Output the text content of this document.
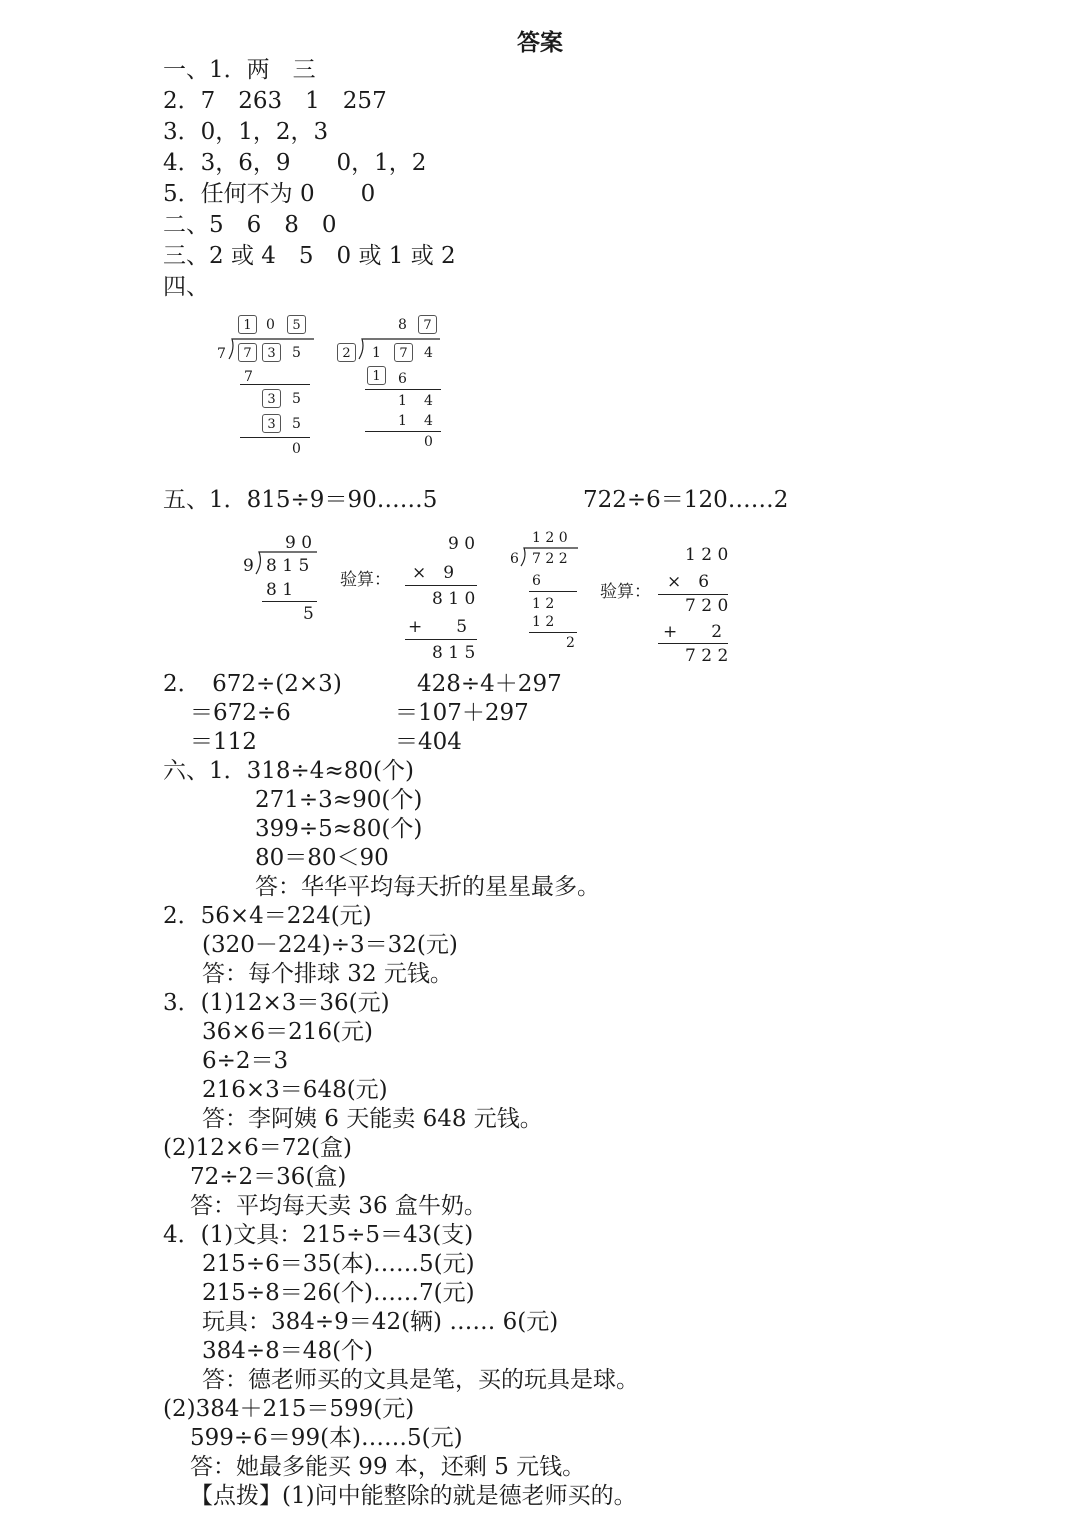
答案
一、1．两　三
2．7　263　1　257
3．0，1，2，3
4．3，6，9　　0，1，2
5．任何不为 0　　0
二、5　6　8　0
三、2 或 4　5　0 或 1 或 2
四、
1	0	5
7	7	3	5
7
3	5
3	5
0
8	7
2	1	7	4
1	6
1 4
1 4
0
五、1．815÷9＝90……5	722÷6＝120……2
9 0
9 8 1 5
8 1
5
验算：
9 0
×　9
8 1 0
+　　5
8 1 5
1 2 0
6 7 2 2
6
1 2
1 2
2
验算：
1 2 0
×　6
7 2 0
+　　2
7 2 2
2．　672÷(2×3)
＝672÷6
＝112
428÷4＋297
＝107＋297
＝404
六、1．318÷4≈80(个)
271÷3≈90(个)
399÷5≈80(个)
80＝80＜90
答：华华平均每天折的星星最多。
2．56×4＝224(元)
(320－224)÷3＝32(元)
答：每个排球 32 元钱。
3．(1)12×3＝36(元)
36×6＝216(元)
6÷2＝3
216×3＝648(元)
答：李阿姨 6 天能卖 648 元钱。
(2)12×6＝72(盒)
72÷2＝36(盒)
答：平均每天卖 36 盒牛奶。
4．(1)文具：215÷5＝43(支)
215÷6＝35(本)……5(元)
215÷8＝26(个)……7(元)
玩具：384÷9＝42(辆) …… 6(元)
384÷8＝48(个)
答：德老师买的文具是笔，买的玩具是球。
(2)384＋215＝599(元)
599÷6＝99(本)……5(元)
答：她最多能买 99 本，还剩 5 元钱。
【点拨】(1)问中能整除的就是德老师买的。
